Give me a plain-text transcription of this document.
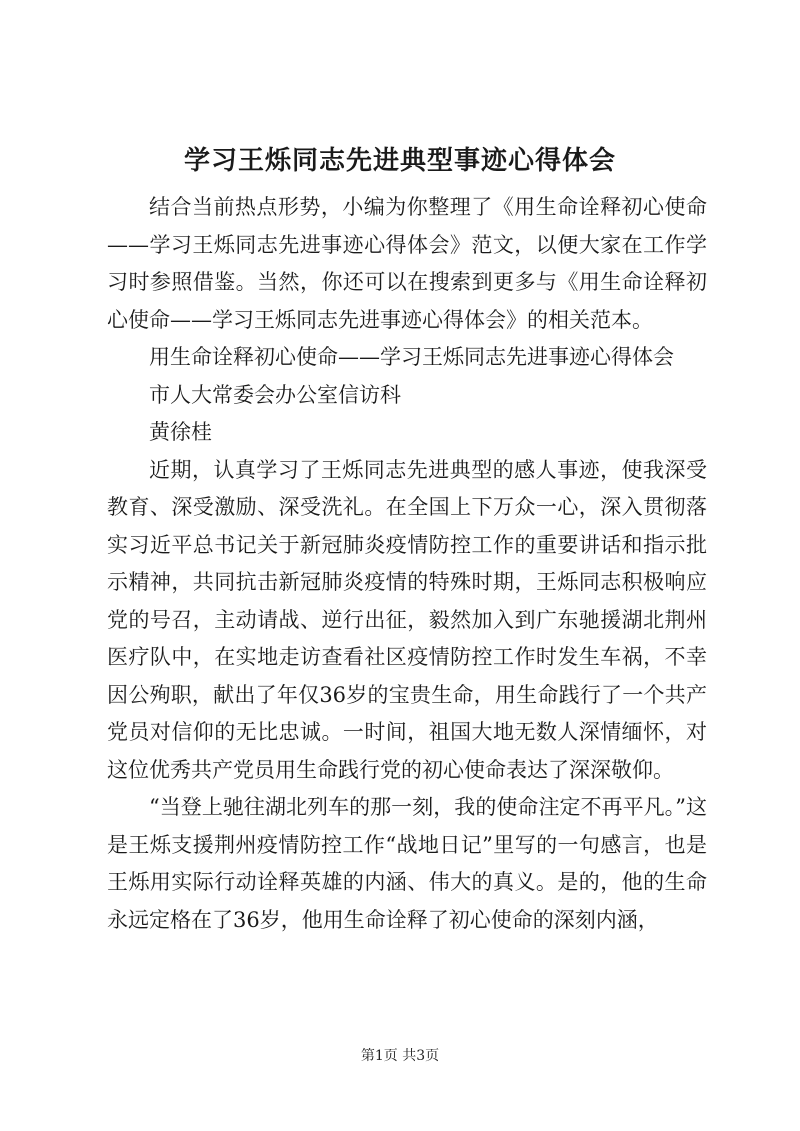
学习王烁同志先进典型事迹心得体会

结合当前热点形势，小编为你整理了《用生命诠释初心使命——学习王烁同志先进事迹心得体会》范文，以便大家在工作学习时参照借鉴。当然，你还可以在搜索到更多与《用生命诠释初心使命——学习王烁同志先进事迹心得体会》的相关范本。

用生命诠释初心使命——学习王烁同志先进事迹心得体会

市人大常委会办公室信访科

黄徐桂

近期，认真学习了王烁同志先进典型的感人事迹，使我深受教育、深受激励、深受洗礼。在全国上下万众一心，深入贯彻落实习近平总书记关于新冠肺炎疫情防控工作的重要讲话和指示批示精神，共同抗击新冠肺炎疫情的特殊时期，王烁同志积极响应党的号召，主动请战、逆行出征，毅然加入到广东驰援湖北荆州医疗队中，在实地走访查看社区疫情防控工作时发生车祸，不幸因公殉职，献出了年仅36岁的宝贵生命，用生命践行了一个共产党员对信仰的无比忠诚。一时间，祖国大地无数人深情缅怀，对这位优秀共产党员用生命践行党的初心使命表达了深深敬仰。

“当登上驰往湖北列车的那一刻，我的使命注定不再平凡。”这是王烁支援荆州疫情防控工作“战地日记”里写的一句感言，也是王烁用实际行动诠释英雄的内涵、伟大的真义。是的，他的生命永远定格在了36岁，他用生命诠释了初心使命的深刻内涵，

第1页 共3页
